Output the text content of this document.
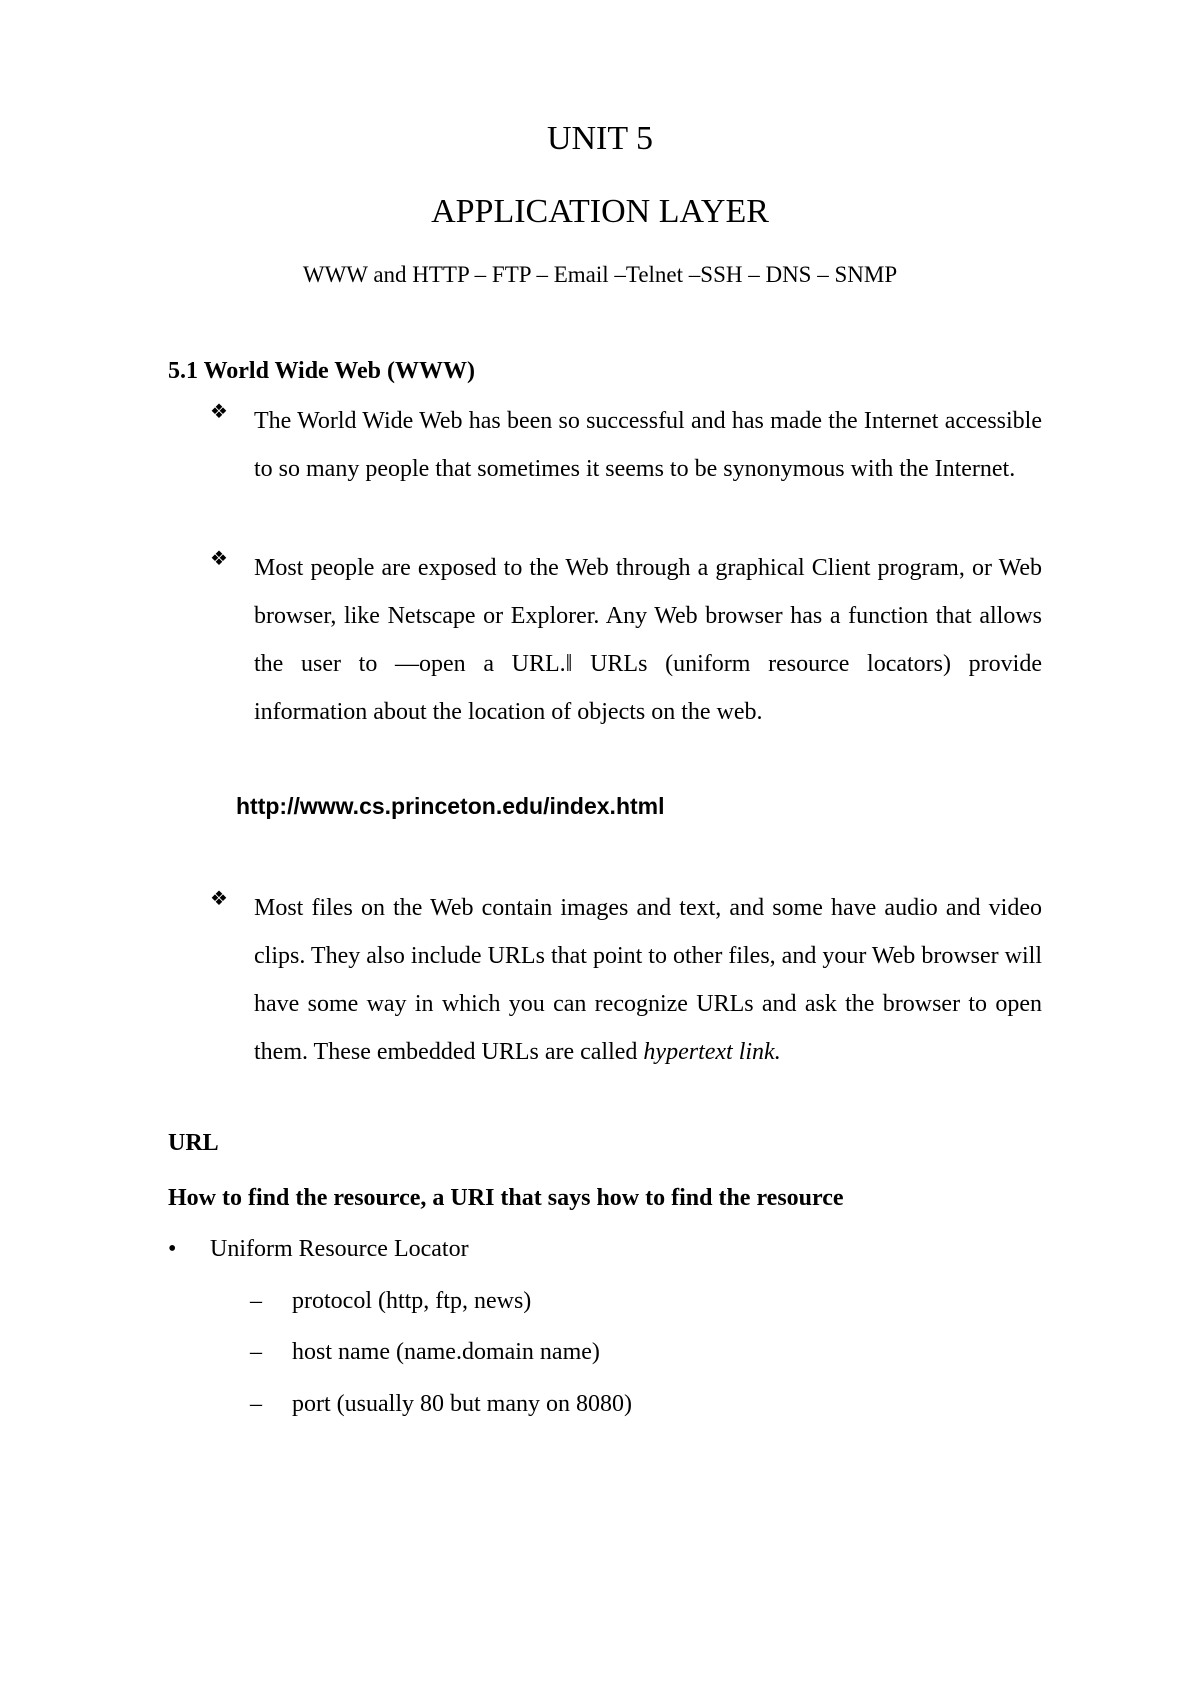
UNIT 5
APPLICATION LAYER
WWW and HTTP – FTP – Email –Telnet –SSH – DNS – SNMP
5.1 World Wide Web (WWW)
❖ The World Wide Web has been so successful and has made the Internet accessible to so many people that sometimes it seems to be synonymous with the Internet.
❖ Most people are exposed to the Web through a graphical Client program, or Web browser, like Netscape or Explorer. Any Web browser has a function that allows the user to ―open a URL.‖ URLs (uniform resource locators) provide information about the location of objects on the web.
http://www.cs.princeton.edu/index.html
❖ Most files on the Web contain images and text, and some have audio and video clips. They also include URLs that point to other files, and your Web browser will have some way in which you can recognize URLs and ask the browser to open them. These embedded URLs are called hypertext link.
URL
How to find the resource, a URI that says how to find the resource
• Uniform Resource Locator
– protocol (http, ftp, news)
– host name (name.domain name)
– port (usually 80 but many on 8080)
